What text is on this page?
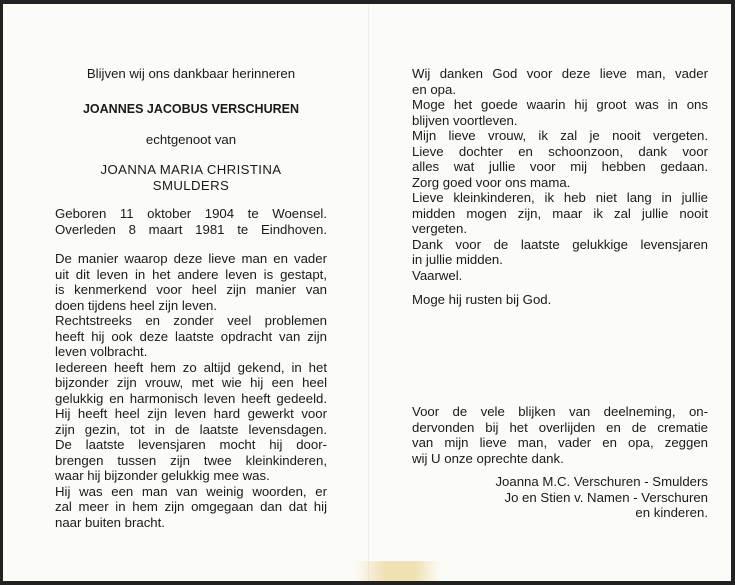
Blijven wij ons dankbaar herinneren
JOANNES JACOBUS VERSCHUREN
echtgenoot van
JOANNA MARIA CHRISTINA
SMULDERS
Geboren 11 oktober 1904 te Woensel.
Overleden 8 maart 1981 te Eindhoven.
De manier waarop deze lieve man en vader
uit dit leven in het andere leven is gestapt,
is kenmerkend voor heel zijn manier van
doen tijdens heel zijn leven.
Rechtstreeks en zonder veel problemen
heeft hij ook deze laatste opdracht van zijn
leven volbracht.
Iedereen heeft hem zo altijd gekend, in het
bijzonder zijn vrouw, met wie hij een heel
gelukkig en harmonisch leven heeft gedeeld.
Hij heeft heel zijn leven hard gewerkt voor
zijn gezin, tot in de laatste levensdagen.
De laatste levensjaren mocht hij door-
brengen tussen zijn twee kleinkinderen,
waar hij bijzonder gelukkig mee was.
Hij was een man van weinig woorden, er
zal meer in hem zijn omgegaan dan dat hij
naar buiten bracht.
Wij danken God voor deze lieve man, vader
en opa.
Moge het goede waarin hij groot was in ons
blijven voortleven.
Mijn lieve vrouw, ik zal je nooit vergeten.
Lieve dochter en schoonzoon, dank voor
alles wat jullie voor mij hebben gedaan.
Zorg goed voor ons mama.
Lieve kleinkinderen, ik heb niet lang in jullie
midden mogen zijn, maar ik zal jullie nooit
vergeten.
Dank voor de laatste gelukkige levensjaren
in jullie midden.
Vaarwel.
Moge hij rusten bij God.
Voor de vele blijken van deelneming, on-
dervonden bij het overlijden en de crematie
van mijn lieve man, vader en opa, zeggen
wij U onze oprechte dank.
Joanna M.C. Verschuren - Smulders
Jo en Stien v. Namen - Verschuren
en kinderen.
